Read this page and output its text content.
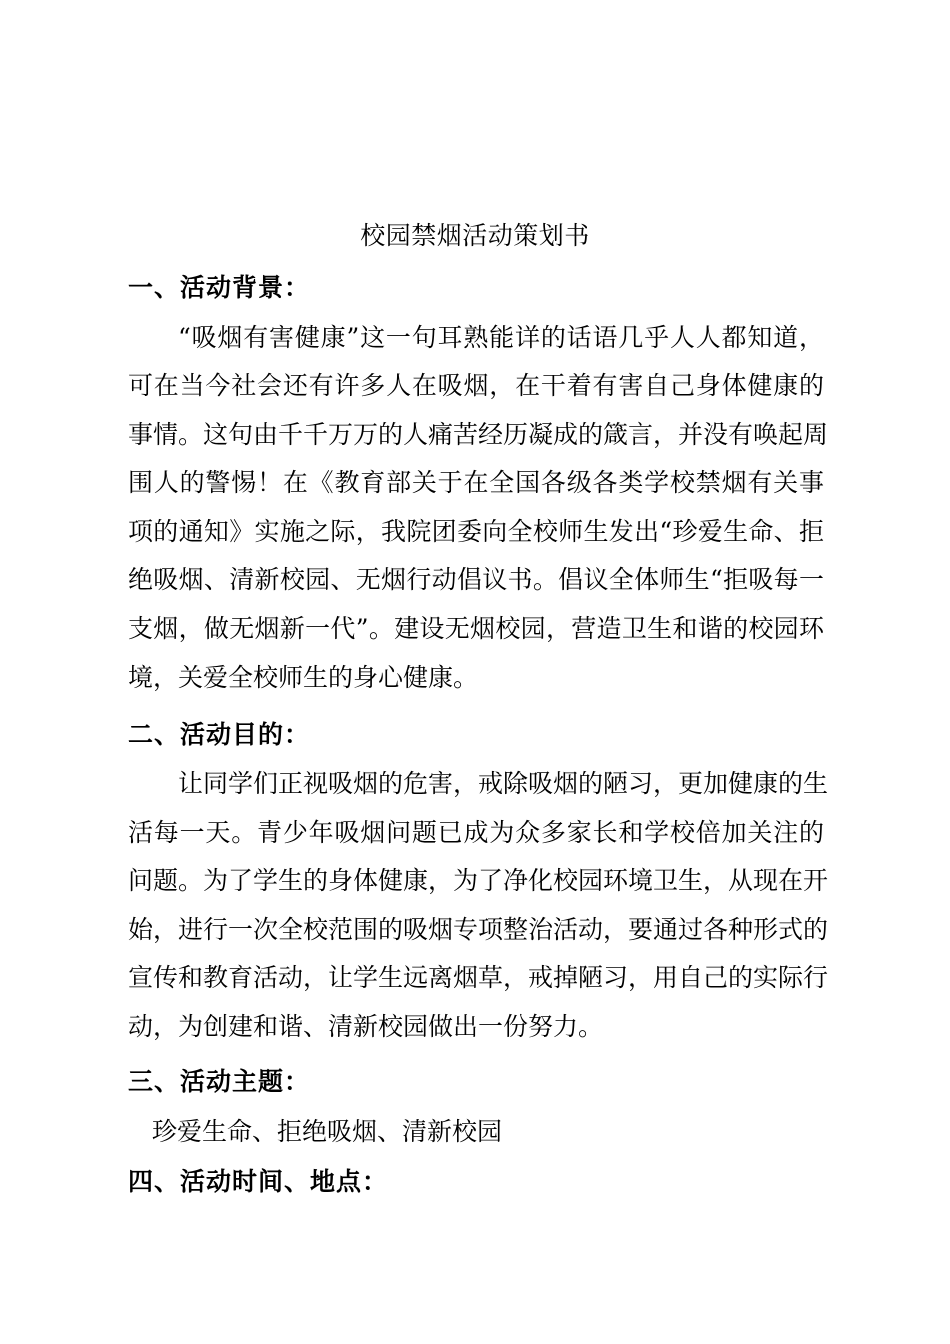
校园禁烟活动策划书
一、活动背景：
“吸烟有害健康”这一句耳熟能详的话语几乎人人都知道，
可在当今社会还有许多人在吸烟，在干着有害自己身体健康的
事情。这句由千千万万的人痛苦经历凝成的箴言，并没有唤起周
围人的警惕！在《教育部关于在全国各级各类学校禁烟有关事
项的通知》实施之际，我院团委向全校师生发出“珍爱生命、拒
绝吸烟、清新校园、无烟行动倡议书。倡议全体师生“拒吸每一
支烟，做无烟新一代”。建设无烟校园，营造卫生和谐的校园环
境，关爱全校师生的身心健康。
二、活动目的：
让同学们正视吸烟的危害，戒除吸烟的陋习，更加健康的生
活每一天。青少年吸烟问题已成为众多家长和学校倍加关注的
问题。为了学生的身体健康，为了净化校园环境卫生，从现在开
始，进行一次全校范围的吸烟专项整治活动，要通过各种形式的
宣传和教育活动，让学生远离烟草，戒掉陋习，用自己的实际行
动，为创建和谐、清新校园做出一份努力。
三、活动主题：
珍爱生命、拒绝吸烟、清新校园
四、活动时间、地点：
